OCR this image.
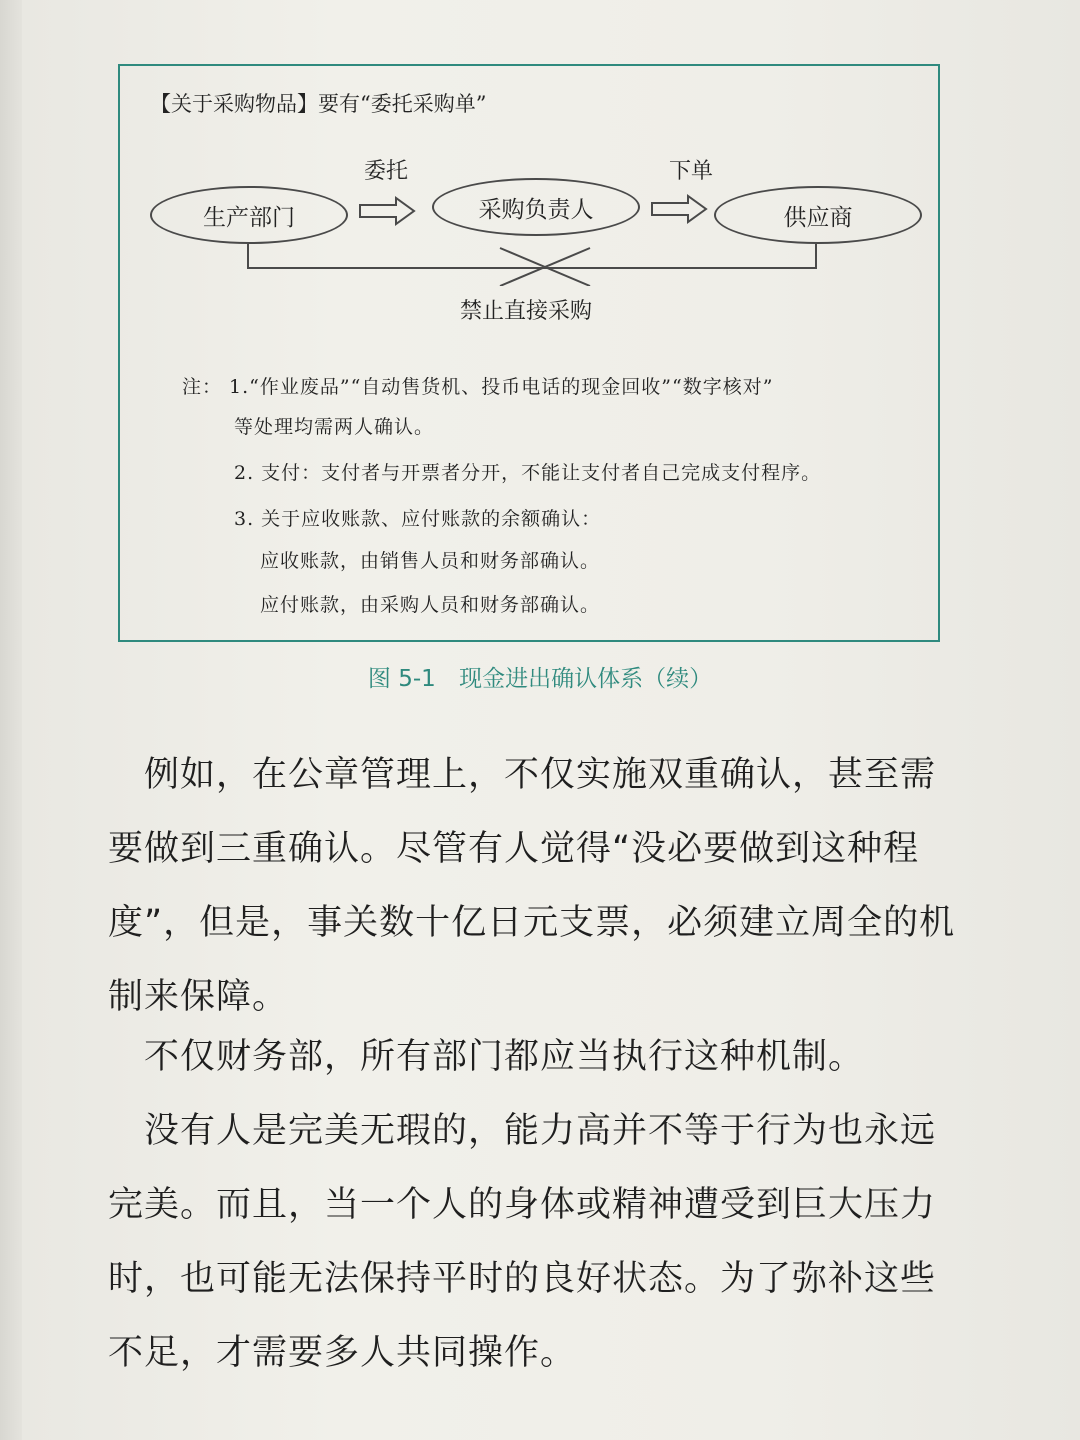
【关于采购物品】要有“委托采购单”
委托	下单
生产部门	采购负责人	供应商
禁止直接采购
注： 1.“作业废品”“自动售货机、投币电话的现金回收”“数字核对”
等处理均需两人确认。
2. 支付：支付者与开票者分开，不能让支付者自己完成支付程序。
3. 关于应收账款、应付账款的余额确认：
应收账款，由销售人员和财务部确认。
应付账款，由采购人员和财务部确认。
图 5-1 现金进出确认体系（续）
　例如，在公章管理上，不仅实施双重确认，甚至需
要做到三重确认。尽管有人觉得“没必要做到这种程
度”，但是，事关数十亿日元支票，必须建立周全的机
制来保障。
　不仅财务部，所有部门都应当执行这种机制。
　没有人是完美无瑕的，能力高并不等于行为也永远
完美。而且，当一个人的身体或精神遭受到巨大压力
时，也可能无法保持平时的良好状态。为了弥补这些
不足，才需要多人共同操作。
